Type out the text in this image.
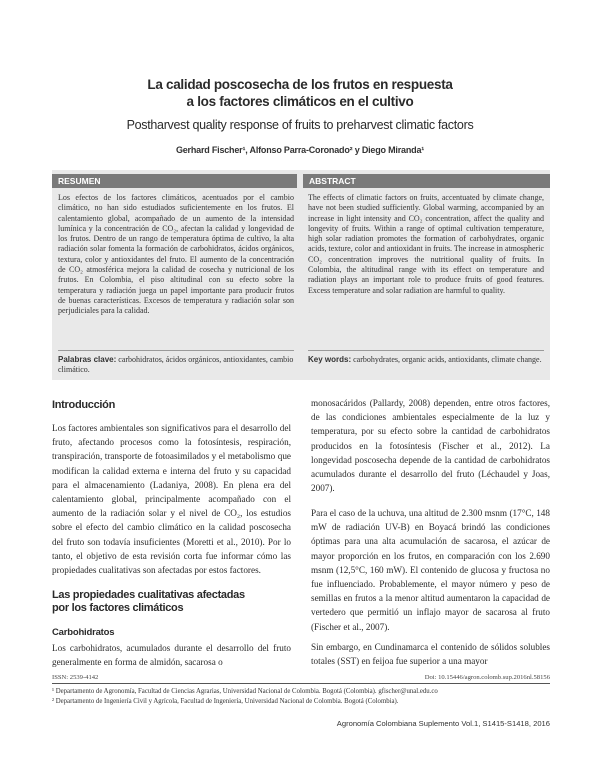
La calidad poscosecha de los frutos en respuesta
a los factores climáticos en el cultivo
Postharvest quality response of fruits to preharvest climatic factors
Gerhard Fischer¹, Alfonso Parra-Coronado² y Diego Miranda¹
RESUMEN	ABSTRACT
Los efectos de los factores climáticos, acentuados por el cambio climático, no han sido estudiados suficientemente en los frutos. El calentamiento global, acompañado de un aumento de la intensidad lumínica y la concentración de CO₂, afectan la calidad y longevidad de los frutos. Dentro de un rango de temperatura óptima de cultivo, la alta radiación solar fomenta la formación de carbohidratos, ácidos orgánicos, textura, color y antioxidantes del fruto. El aumento de la concentración de CO₂ atmosférica mejora la calidad de cosecha y nutricional de los frutos. En Colombia, el piso altitudinal con su efecto sobre la temperatura y radiación juega un papel importante para producir frutos de buenas características. Excesos de temperatura y radiación solar son perjudiciales para la calidad.
The effects of climatic factors on fruits, accentuated by climate change, have not been studied sufficiently. Global warming, accompanied by an increase in light intensity and CO₂ concentration, affect the quality and longevity of fruits. Within a range of optimal cultivation temperature, high solar radiation promotes the formation of carbohydrates, organic acids, texture, color and antioxidant in fruits. The increase in atmospheric CO₂ concentration improves the nutritional quality of fruits. In Colombia, the altitudinal range with its effect on temperature and radiation plays an important role to produce fruits of good features. Excess temperature and solar radiation are harmful to quality.
Palabras clave: carbohidratos, ácidos orgánicos, antioxidantes, cambio climático.
Key words: carbohydrates, organic acids, antioxidants, climate change.
Introducción
Los factores ambientales son significativos para el desarrollo del fruto, afectando procesos como la fotosíntesis, respiración, transpiración, transporte de fotoasimilados y el metabolismo que modifican la calidad externa e interna del fruto y su capacidad para el almacenamiento (Ladaniya, 2008). En plena era del calentamiento global, principalmente acompañado con el aumento de la radiación solar y el nivel de CO₂, los estudios sobre el efecto del cambio climático en la calidad poscosecha del fruto son todavía insuficientes (Moretti et al., 2010). Por lo tanto, el objetivo de esta revisión corta fue informar cómo las propiedades cualitativas son afectadas por estos factores.
Las propiedades cualitativas afectadas
por los factores climáticos
Carbohidratos
Los carbohidratos, acumulados durante el desarrollo del fruto generalmente en forma de almidón, sacarosa o
monosacáridos (Pallardy, 2008) dependen, entre otros factores, de las condiciones ambientales especialmente de la luz y temperatura, por su efecto sobre la cantidad de carbohidratos producidos en la fotosíntesis (Fischer et al., 2012). La longevidad poscosecha depende de la cantidad de carbohidratos acumulados durante el desarrollo del fruto (Léchaudel y Joas, 2007).
Para el caso de la uchuva, una altitud de 2.300 msnm (17°C, 148 mW de radiación UV-B) en Boyacá brindó las condiciones óptimas para una alta acumulación de sacarosa, el azúcar de mayor proporción en los frutos, en comparación con los 2.690 msnm (12,5°C, 160 mW). El contenido de glucosa y fructosa no fue influenciado. Probablemente, el mayor número y peso de semillas en frutos a la menor altitud aumentaron la capacidad de vertedero que permitió un inflajo mayor de sacarosa al fruto (Fischer et al., 2007).
Sin embargo, en Cundinamarca el contenido de sólidos solubles totales (SST) en feijoa fue superior a una mayor
ISSN: 2539-4142	Doi: 10.15446/agron.colomb.sup.2016nl.58156
¹ Departamento de Agronomía, Facultad de Ciencias Agrarias, Universidad Nacional de Colombia. Bogotá (Colombia). gfischer@unal.edu.co
² Departamento de Ingeniería Civil y Agrícola, Facultad de Ingeniería, Universidad Nacional de Colombia. Bogotá (Colombia).
Agronomía Colombiana Suplemento Vol.1, S1415-S1418, 2016
